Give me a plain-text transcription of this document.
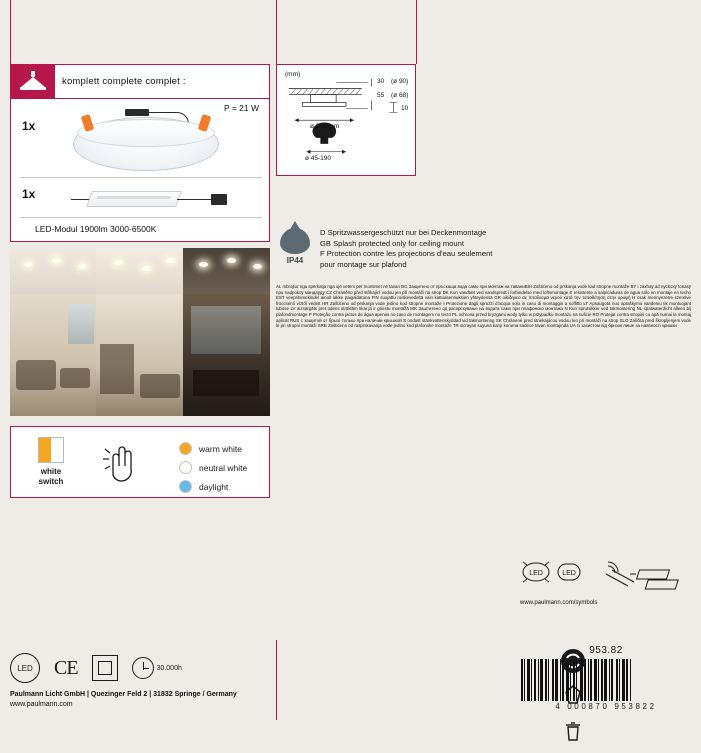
komplett complete complet :
P = 21 W
1x
1x
LED-Modul 1900lm 3000-6500K
(mm)
30 (ø 90)
55 (ø 68)
10
ø 215 mm
ø 45-190
IP44
D Spritzwassergeschützt nur bei Deckenmontage
GB Splash protected only for ceiling mount
F Protection contre les projections d'eau seulement
pour montage sur plafond
AL mbrojtur nga spërkatja nga ujë vetëm për montimet në tavan BG Защитено от пръскаща вода само при монтаж на таваниBIH Zaštićeno od prskanja vode kad stropne montaže BY i zaxhaÿ ad nyckoxÿ tonasÿ npu nadpokcÿ мандаÿдÿ CZ Chráněno před stříkající vodou jen při montáži na strop DK Kun vandtæt ved vandspredt i forbindelse med loftsmontage E resistente a salpicaduras de agua sólo en montaje en techo EST veepritsmekindel ainult lakke paigaldatuna FIN suojattu roiskevedeltä vain kattoasennuksien yhteydessä GR oikiδηνεο σε πιτσίλισμα νερού κατά την τοποθέτηση στην οροφή H csak mennyezetre szerelve fröccsenő víztől védett HR Zaštićeno od prskanja vode jedino kod stropne montaže I Protezione dagli spruzzi d'acqua solo in caso di montaggio a soffitto LT Apsaugota nuo aptaškymo vandeniu tik montuojant lubose LV aizsargāts pret ūdens strūklām tikai ja ir griestu montāžā MK Заштитено од распрскување на водата само при плафонско монтажа N Kun sprutsikker ved takmontering NL spatwaterdicht alleen bij plafondmontage P Proteção contra jactos de água apenas no caso de montagem no tecto PL ochrona przed bryzgami wody tylko w przypadku montażu na suficie RO Protejat contra stropirii cu apă numai la montaj aplicat RUS с защитой от брызг только при наличии крышкой S ondast stänkvattenskyddad vid takmontering SK Chránené pred striekajúcou vodou len pri montáži na strop SLO Zaščita pred škropljenjem vode le pri stropni montaži SRB Zaštićeno od rasprskavanja vode jedino kod plafonske montaže TR sicrayan suyuna karşı koruma sadece tavan montajında UA Із захистом від бризок лише за наявності кришки
white
switch
warm white
neutral white
daylight
LED	LED
www.paulmann.com/symbols

953.82
4 000870 953822
LED	CE	30.000h
Paulmann Licht GmbH | Quezinger Feld 2 | 31832 Springe / Germany
www.paulmann.com
